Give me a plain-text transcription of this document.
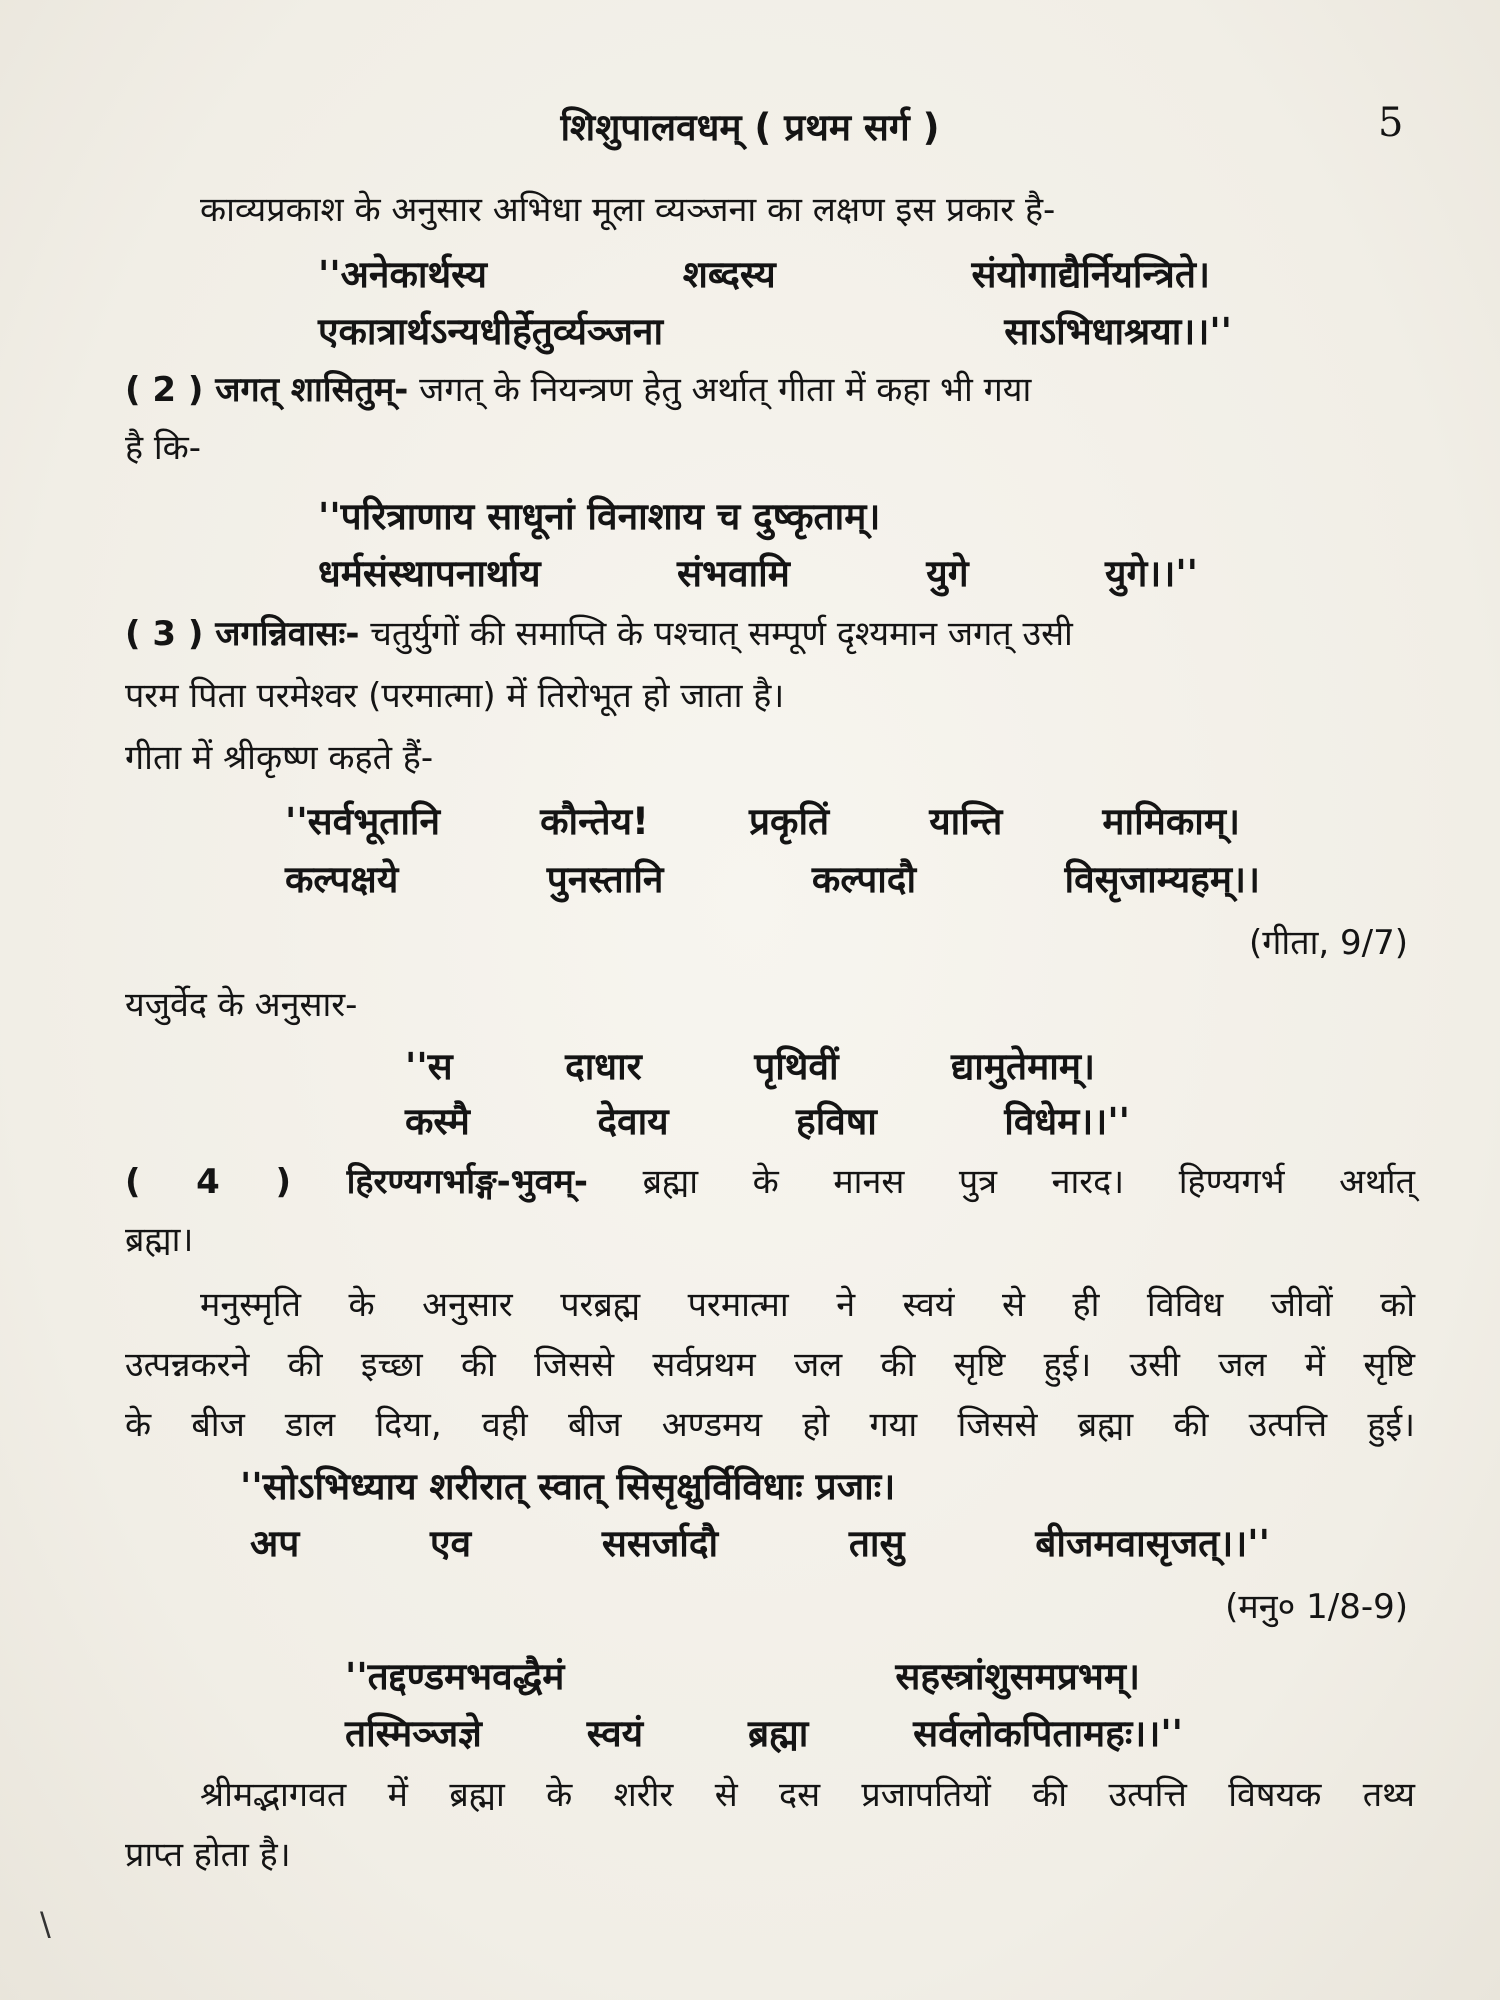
शिशुपालवधम् ( प्रथम सर्ग )	5
काव्यप्रकाश के अनुसार अभिधा मूला व्यञ्जना का लक्षण इस प्रकार है-
''अनेकार्थस्य	शब्दस्य	संयोगाद्यैर्नियन्त्रिते।
एकात्रार्थऽन्यधीर्हेतुर्व्यञ्जना	साऽभिधाश्रया।।''
( 2 ) जगत् शासितुम्- जगत् के नियन्त्रण हेतु अर्थात् गीता में कहा भी गया
है कि-
''परित्राणाय साधूनां विनाशाय च दुष्कृताम्।
धर्मसंस्थापनार्थाय	संभवामि	युगे	युगे।।''
( 3 ) जगन्निवासः- चतुर्युगों की समाप्ति के पश्चात् सम्पूर्ण दृश्यमान जगत् उसी
परम पिता परमेश्वर (परमात्मा) में तिरोभूत हो जाता है।
गीता में श्रीकृष्ण कहते हैं-
''सर्वभूतानि	कौन्तेय!	प्रकृतिं	यान्ति	मामिकाम्।
कल्पक्षये	पुनस्तानि	कल्पादौ	विसृजाम्यहम्।।
(गीता, 9/7)
यजुर्वेद के अनुसार-
''स	दाधार	पृथिवीं	द्यामुतेमाम्।
कस्मै	देवाय	हविषा	विधेम।।''
( 4 ) हिरण्यगर्भाङ्ग-भुवम्- ब्रह्मा के मानस पुत्र नारद। हिण्यगर्भ अर्थात्
ब्रह्मा।
मनुस्मृति के अनुसार परब्रह्म परमात्मा ने स्वयं से ही विविध जीवों को
उत्पन्नकरने की इच्छा की जिससे सर्वप्रथम जल की सृष्टि हुई। उसी जल में सृष्टि
के बीज डाल दिया, वही बीज अण्डमय हो गया जिससे ब्रह्मा की उत्पत्ति हुई।
''सोऽभिध्याय शरीरात् स्वात् सिसृक्षुर्विविधाः प्रजाः।
अप	एव	ससर्जादौ	तासु	बीजमवासृजत्।।''
(मनु० 1/8-9)
''तद्दण्डमभवद्धैमं	सहस्त्रांशुसमप्रभम्।
तस्मिञ्जज्ञे	स्वयं	ब्रह्मा	सर्वलोकपितामहः।।''
श्रीमद्भागवत में ब्रह्मा के शरीर से दस प्रजापतियों की उत्पत्ति विषयक तथ्य
प्राप्त होता है।
\
